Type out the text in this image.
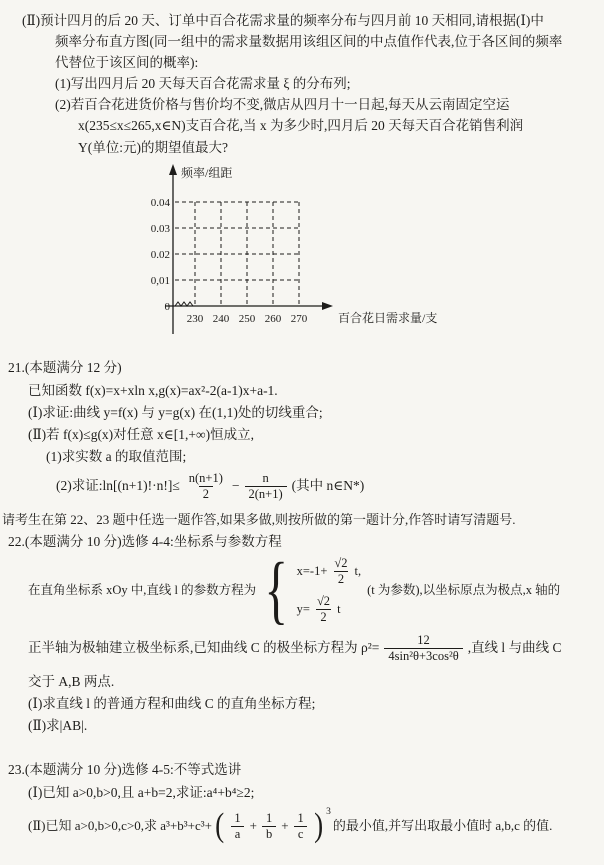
(Ⅱ)预计四月的后 20 天、订单中百合花需求量的频率分布与四月前 10 天相同,请根据(Ⅰ)中
频率分布直方图(同一组中的需求量数据用该组区间的中点值作代表,位于各区间的频率
代替位于该区间的概率):
(1)写出四月后 20 天每天百合花需求量 ξ 的分布列;
(2)若百合花进货价格与售价均不变,微店从四月十一日起,每天从云南固定空运
x(235≤x≤265,x∈N)支百合花,当 x 为多少时,四月后 20 天每天百合花销售利润
Y(单位:元)的期望值最大?
频率/组距
0.04
0.03
0.02
0,01
0
230 240 250 260 270	百合花日需求量/支
21.(本题满分 12 分)
已知函数 f(x)=x+xln x,g(x)=ax²-2(a-1)x+a-1.
(Ⅰ)求证:曲线 y=f(x) 与 y=g(x) 在(1,1)处的切线重合;
(Ⅱ)若 f(x)≤g(x)对任意 x∈[1,+∞)恒成立,
(1)求实数 a 的取值范围;
(2)求证:ln[(n+1)!·n!]≤ $\frac{n(n+1)}{2} - \frac{n}{2(n+1)}$ (其中 n∈N*)
请考生在第 22、23 题中任选一题作答,如果多做,则按所做的第一题计分,作答时请写清题号.
22.(本题满分 10 分)选修 4-4:坐标系与参数方程
在直角坐标系 xOy 中,直线 l 的参数方程为 { $x=-1+ \frac{√2}{2} t$,
$y= \frac{√2}{2}$ t
(t 为参数),以坐标原点为极点,x 轴的
正半轴为极轴建立极坐标系,已知曲线 C 的极坐标方程为 $\rho^2= \frac{12}{\text{4sin²θ+3cos²θ}}$ ,直线 l 与曲线 C
交于 A,B 两点.
(Ⅰ)求直线 l 的普通方程和曲线 C 的直角坐标方程;
(Ⅱ)求|AB|.
23.(本题满分 10 分)选修 4-5:不等式选讲
(Ⅰ)已知 a>0,b>0,且 a+b=2,求证:a⁴+b⁴≥2;
(Ⅱ)已知 a>0,b>0,c>0,求 a³+b³+c³+ ( $\frac{1}{a} + \frac{1}{b} + \frac{1}{c}$ ) 3
的最小值,并写出取最小值时 a,b,c 的值.
